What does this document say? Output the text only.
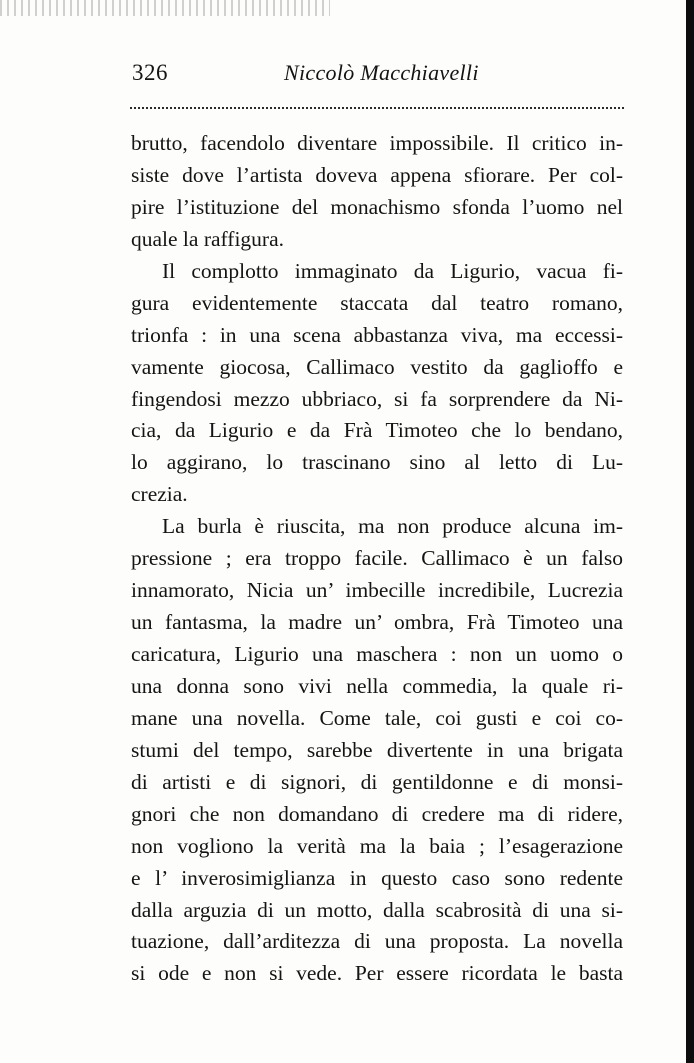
326	Niccolò Macchiavelli
brutto, facendolo diventare impossibile. Il critico in-
siste dove l’artista doveva appena sfiorare. Per col-
pire l’istituzione del monachismo sfonda l’uomo nel
quale la raffigura.
Il complotto immaginato da Ligurio, vacua fi-
gura evidentemente staccata dal teatro romano,
trionfa : in una scena abbastanza viva, ma eccessi-
vamente giocosa, Callimaco vestito da gaglioffo e
fingendosi mezzo ubbriaco, si fa sorprendere da Ni-
cia, da Ligurio e da Frà Timoteo che lo bendano,
lo aggirano, lo trascinano sino al letto di Lu-
crezia.
La burla è riuscita, ma non produce alcuna im-
pressione ; era troppo facile. Callimaco è un falso
innamorato, Nicia un’ imbecille incredibile, Lucrezia
un fantasma, la madre un’ ombra, Frà Timoteo una
caricatura, Ligurio una maschera : non un uomo o
una donna sono vivi nella commedia, la quale ri-
mane una novella. Come tale, coi gusti e coi co-
stumi del tempo, sarebbe divertente in una brigata
di artisti e di signori, di gentildonne e di monsi-
gnori che non domandano di credere ma di ridere,
non vogliono la verità ma la baia ; l’esagerazione
e l’ inverosimiglianza in questo caso sono redente
dalla arguzia di un motto, dalla scabrosità di una si-
tuazione, dall’arditezza di una proposta. La novella
si ode e non si vede. Per essere ricordata le basta
